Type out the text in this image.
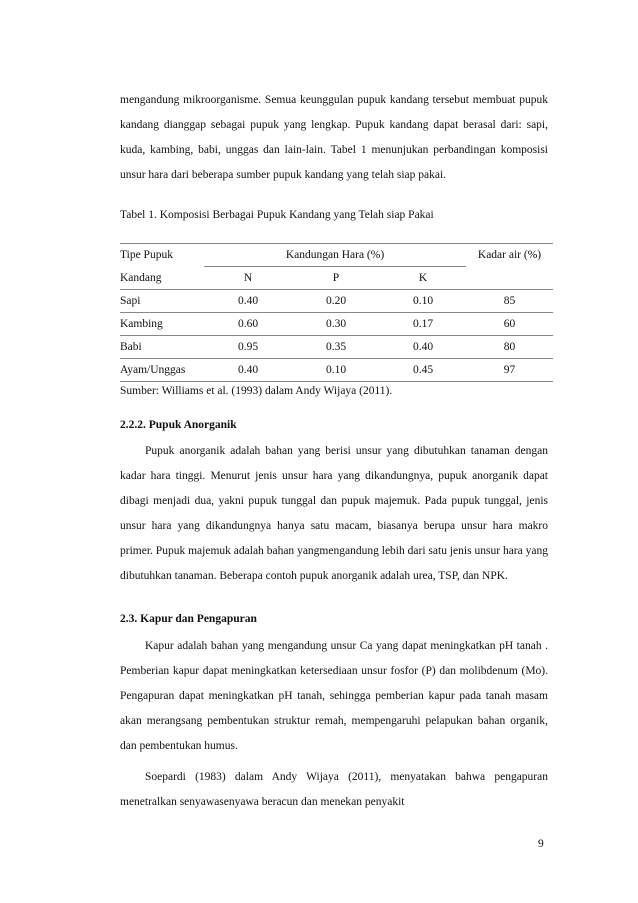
mengandung mikroorganisme. Semua keunggulan pupuk kandang tersebut membuat pupuk kandang dianggap sebagai pupuk yang lengkap. Pupuk kandang dapat berasal dari: sapi, kuda, kambing, babi, unggas dan lain-lain. Tabel 1 menunjukan perbandingan komposisi unsur hara dari beberapa sumber pupuk kandang yang telah siap pakai.

Tabel 1. Komposisi Berbagai Pupuk Kandang yang Telah siap Pakai
Tipe Pupuk	Kandungan Hara (%)			Kadar air (%)
Kandang	N	P	K	
Sapi	0.40	0.20	0.10	85
Kambing	0.60	0.30	0.17	60
Babi	0.95	0.35	0.40	80
Ayam/Unggas	0.40	0.10	0.45	97
Sumber: Williams et al. (1993) dalam Andy Wijaya (2011).
2.2.2. Pupuk Anorganik

Pupuk anorganik adalah bahan yang berisi unsur yang dibutuhkan tanaman dengan kadar hara tinggi. Menurut jenis unsur hara yang dikandungnya, pupuk anorganik dapat dibagi menjadi dua, yakni pupuk tunggal dan pupuk majemuk. Pada pupuk tunggal, jenis unsur hara yang dikandungnya hanya satu macam, biasanya berupa unsur hara makro primer. Pupuk majemuk adalah bahan yangmengandung lebih dari satu jenis unsur hara yang dibutuhkan tanaman. Beberapa contoh pupuk anorganik adalah urea, TSP, dan NPK.

2.3. Kapur dan Pengapuran

Kapur adalah bahan yang mengandung unsur Ca yang dapat meningkatkan pH tanah . Pemberian kapur dapat meningkatkan ketersediaan unsur fosfor (P) dan molibdenum (Mo). Pengapuran dapat meningkatkan pH tanah, sehingga pemberian kapur pada tanah masam akan merangsang pembentukan struktur remah, mempengaruhi pelapukan bahan organik, dan pembentukan humus.

Soepardi (1983) dalam Andy Wijaya (2011), menyatakan bahwa pengapuran menetralkan senyawasenyawa beracun dan menekan penyakit

9
